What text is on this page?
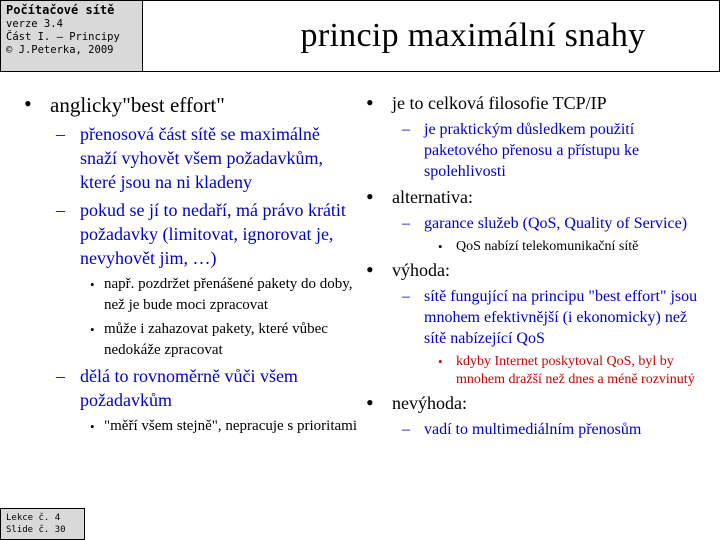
Počítačové sítě
verze 3.4
Část I. – Principy
© J.Peterka, 2009	princip maximální snahy
• anglicky"best effort"
– přenosová část sítě se maximálně snaží vyhovět všem požadavkům, které jsou na ni kladeny
– pokud se jí to nedaří, má právo krátit požadavky (limitovat, ignorovat je, nevyhovět jim, …)
• např. pozdržet přenášené pakety do doby, než je bude moci zpracovat
• může i zahazovat pakety, které vůbec nedokáže zpracovat
– dělá to rovnoměrně vůči všem požadavkům
• "měří všem stejně", nepracuje s prioritami
• je to celková filosofie TCP/IP
– je praktickým důsledkem použití paketového přenosu a přístupu ke spolehlivosti
• alternativa:
– garance služeb (QoS, Quality of Service)
• QoS nabízí telekomunikační sítě
• výhoda:
– sítě fungující na principu "best effort" jsou mnohem efektivnější (i ekonomicky) než sítě nabízející QoS
• kdyby Internet poskytoval QoS, byl by mnohem dražší než dnes a méně rozvinutý
• nevýhoda:
– vadí to multimediálním přenosům
Lekce č. 4
Slide č. 30
